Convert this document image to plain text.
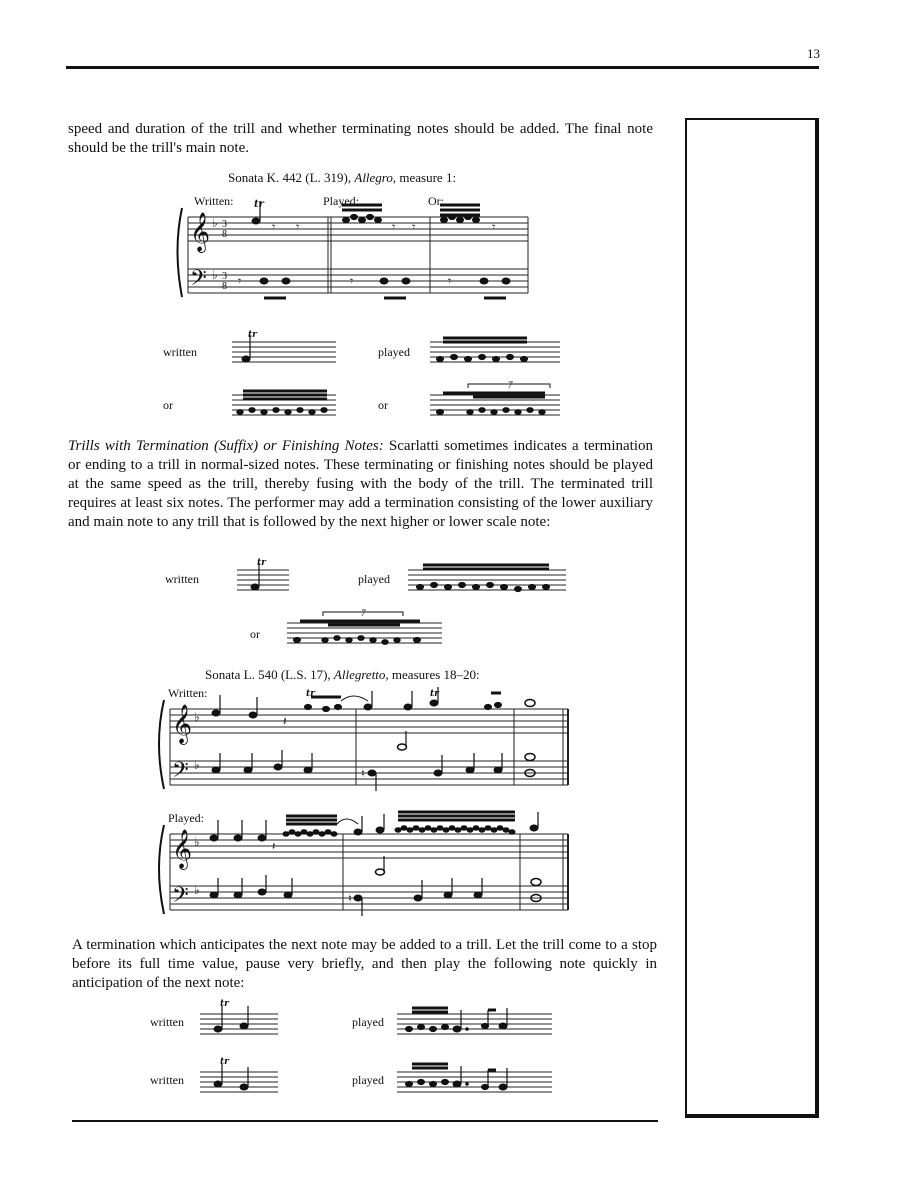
13

speed and duration of the trill and whether terminating notes should be added. The final note should be the trill's main note.

Sonata K. 442 (L. 319), Allegro, measure 1:
Written:	Played:	Or:
𝄞
𝄢
♭
♭
3
8
3
8
tr
𝄾 𝄾	𝄾 𝄾	𝄾
𝄾	𝄾	𝄾
written
tr
played
or	or
7

Trills with Termination (Suffix) or Finishing Notes: Scarlatti sometimes indicates a termination or ending to a trill in normal-sized notes. These terminating or finishing notes should be played at the same speed as the trill, thereby fusing with the body of the trill. The terminated trill requires at least six notes. The performer may add a termination consisting of the lower auxiliary and main note to any trill that is followed by the next higher or lower scale note:

written
tr
played
or
7
Sonata L. 540 (L.S. 17), Allegretto, measures 18–20:
Written:
𝄞
𝄢
♭
♭
𝄽
tr	tr
♮
Played:
𝄞
𝄢
♭
♭
𝄽
♮

A termination which anticipates the next note may be added to a trill. Let the trill come to a stop before its full time value, pause very briefly, and then play the following note quickly in anticipation of the next note:

written
tr
played
written
tr
played
